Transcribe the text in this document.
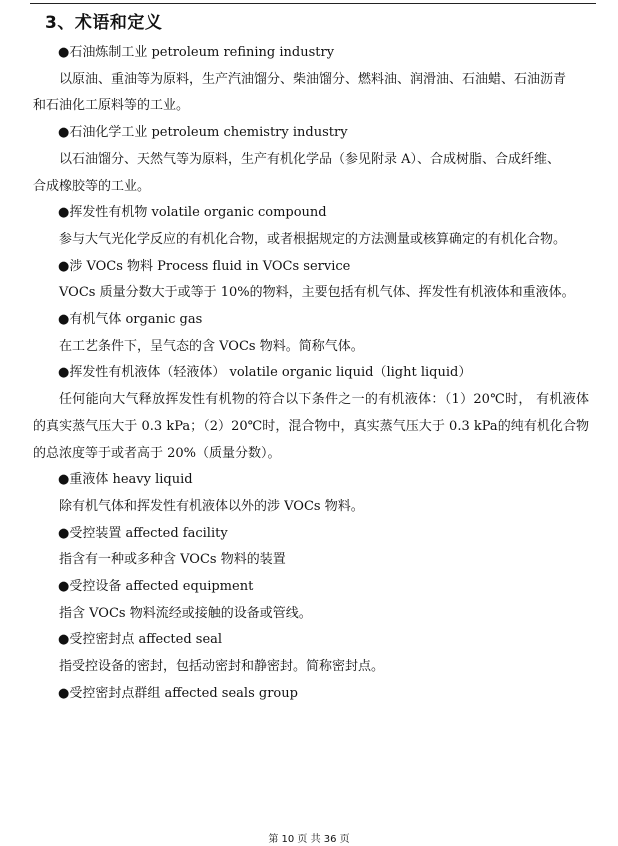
3、术语和定义
●石油炼制工业 petroleum refining industry
以原油、重油等为原料，生产汽油馏分、柴油馏分、燃料油、润滑油、石油蜡、石油沥青
和石油化工原料等的工业。
●石油化学工业 petroleum chemistry industry
以石油馏分、天然气等为原料，生产有机化学品（参见附录 A）、合成树脂、合成纤维、
合成橡胶等的工业。
●挥发性有机物 volatile organic compound
参与大气光化学反应的有机化合物，或者根据规定的方法测量或核算确定的有机化合物。
●涉 VOCs 物料 Process fluid in VOCs service
VOCs 质量分数大于或等于 10%的物料，主要包括有机气体、挥发性有机液体和重液体。
●有机气体 organic gas
在工艺条件下，呈气态的含 VOCs 物料。简称气体。
●挥发性有机液体（轻液体） volatile organic liquid（light liquid）
任何能向大气释放挥发性有机物的符合以下条件之一的有机液体：（1）20℃时， 有机液体的真实蒸气压大于 0.3 kPa；（2）20℃时，混合物中，真实蒸气压大于 0.3 kPa的纯有机化合物的总浓度等于或者高于 20%（质量分数）。
●重液体 heavy liquid
除有机气体和挥发性有机液体以外的涉 VOCs 物料。
●受控装置 affected facility
指含有一种或多种含 VOCs 物料的装置
●受控设备 affected equipment
指含 VOCs 物料流经或接触的设备或管线。
●受控密封点 affected seal
指受控设备的密封，包括动密封和静密封。简称密封点。
●受控密封点群组 affected seals group
第 10 页 共 36 页
